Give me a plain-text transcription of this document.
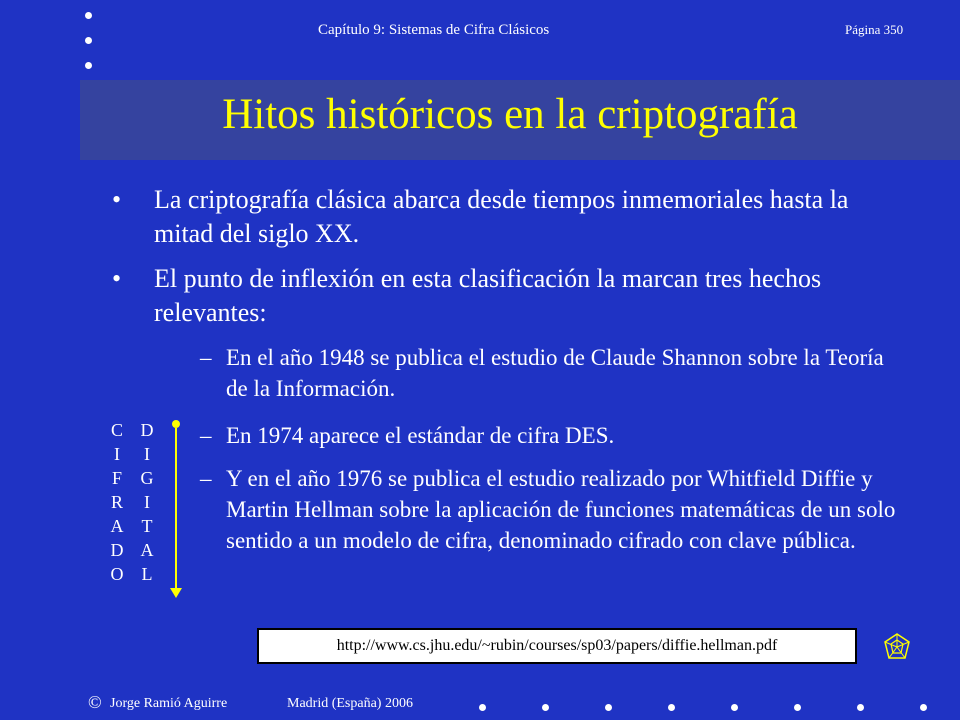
Capítulo 9: Sistemas de Cifra Clásicos	Página 350
Hitos históricos en la criptografía
• La criptografía clásica abarca desde tiempos inmemoriales hasta la mitad del siglo XX.
• El punto de inflexión en esta clasificación la marcan tres hechos relevantes:
– En el año 1948 se publica el estudio de Claude Shannon sobre la Teoría de la Información.
– En 1974 aparece el estándar de cifra DES.
– Y en el año 1976 se publica el estudio realizado por Whitfield Diffie y Martin Hellman sobre la aplicación de funciones matemáticas de un solo sentido a un modelo de cifra, denominado cifrado con clave pública.
C
I
F
R
A
D
O
D
I
G
I
T
A
L
http://www.cs.jhu.edu/~rubin/courses/sp03/papers/diffie.hellman.pdf
© Jorge Ramió Aguirre	Madrid (España) 2006
